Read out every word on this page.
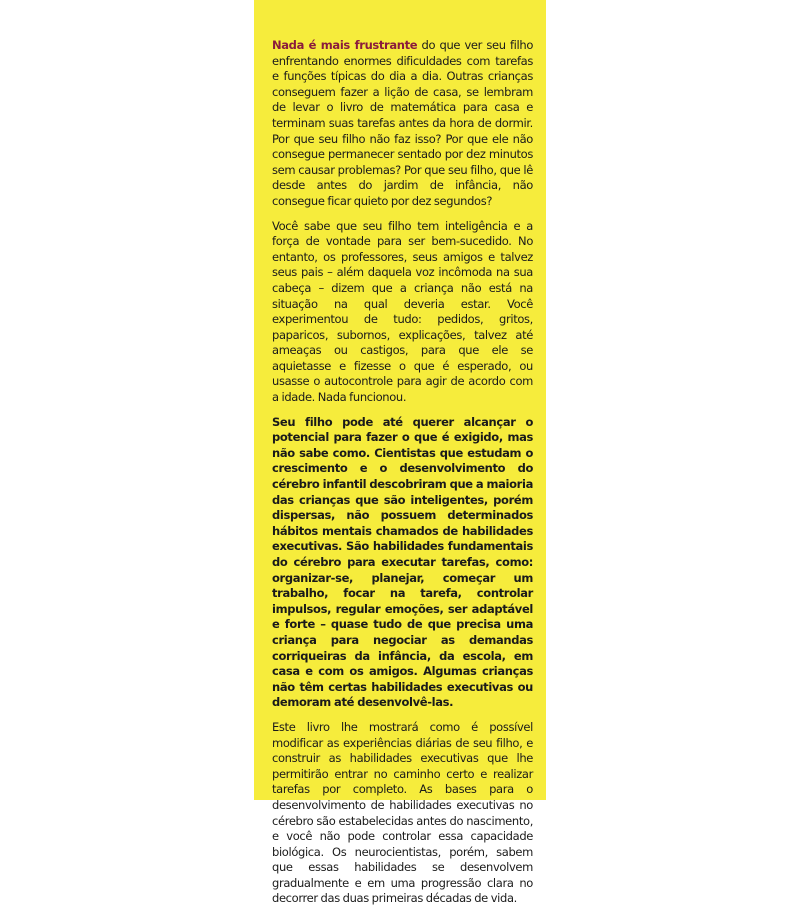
Nada é mais frustrante do que ver seu filho enfrentando enormes dificuldades com tarefas e funções típicas do dia a dia. Outras crianças conseguem fazer a lição de casa, se lembram de levar o livro de matemática para casa e terminam suas tarefas antes da hora de dormir. Por que seu filho não faz isso? Por que ele não consegue permanecer sentado por dez minutos sem causar problemas? Por que seu filho, que lê desde antes do jardim de infância, não consegue ficar quieto por dez segundos?

Você sabe que seu filho tem inteligência e a força de vontade para ser bem-sucedido. No entanto, os professores, seus amigos e talvez seus pais – além daquela voz incômoda na sua cabeça – dizem que a criança não está na situação na qual deveria estar. Você experimentou de tudo: pedidos, gritos, paparicos, subornos, explicações, talvez até ameaças ou castigos, para que ele se aquietasse e fizesse o que é esperado, ou usasse o autocontrole para agir de acordo com a idade. Nada funcionou.

Seu filho pode até querer alcançar o potencial para fazer o que é exigido, mas não sabe como. Cientistas que estudam o crescimento e o desenvolvimento do cérebro infantil descobriram que a maioria das crianças que são inteligentes, porém dispersas, não possuem determinados hábitos mentais chamados de habilidades executivas. São habilidades fundamentais do cérebro para executar tarefas, como: organizar-se, planejar, começar um trabalho, focar na tarefa, controlar impulsos, regular emoções, ser adaptável e forte – quase tudo de que precisa uma criança para negociar as demandas corriqueiras da infância, da escola, em casa e com os amigos. Algumas crianças não têm certas habilidades executivas ou demoram até desenvolvê-las.

Este livro lhe mostrará como é possível modificar as experiências diárias de seu filho, e construir as habilidades executivas que lhe permitirão entrar no caminho certo e realizar tarefas por completo. As bases para o desenvolvimento de habilidades executivas no cérebro são estabelecidas antes do nascimento, e você não pode controlar essa capacidade biológica. Os neurocientistas, porém, sabem que essas habilidades se desenvolvem gradualmente e em uma progressão clara no decorrer das duas primeiras décadas de vida.
